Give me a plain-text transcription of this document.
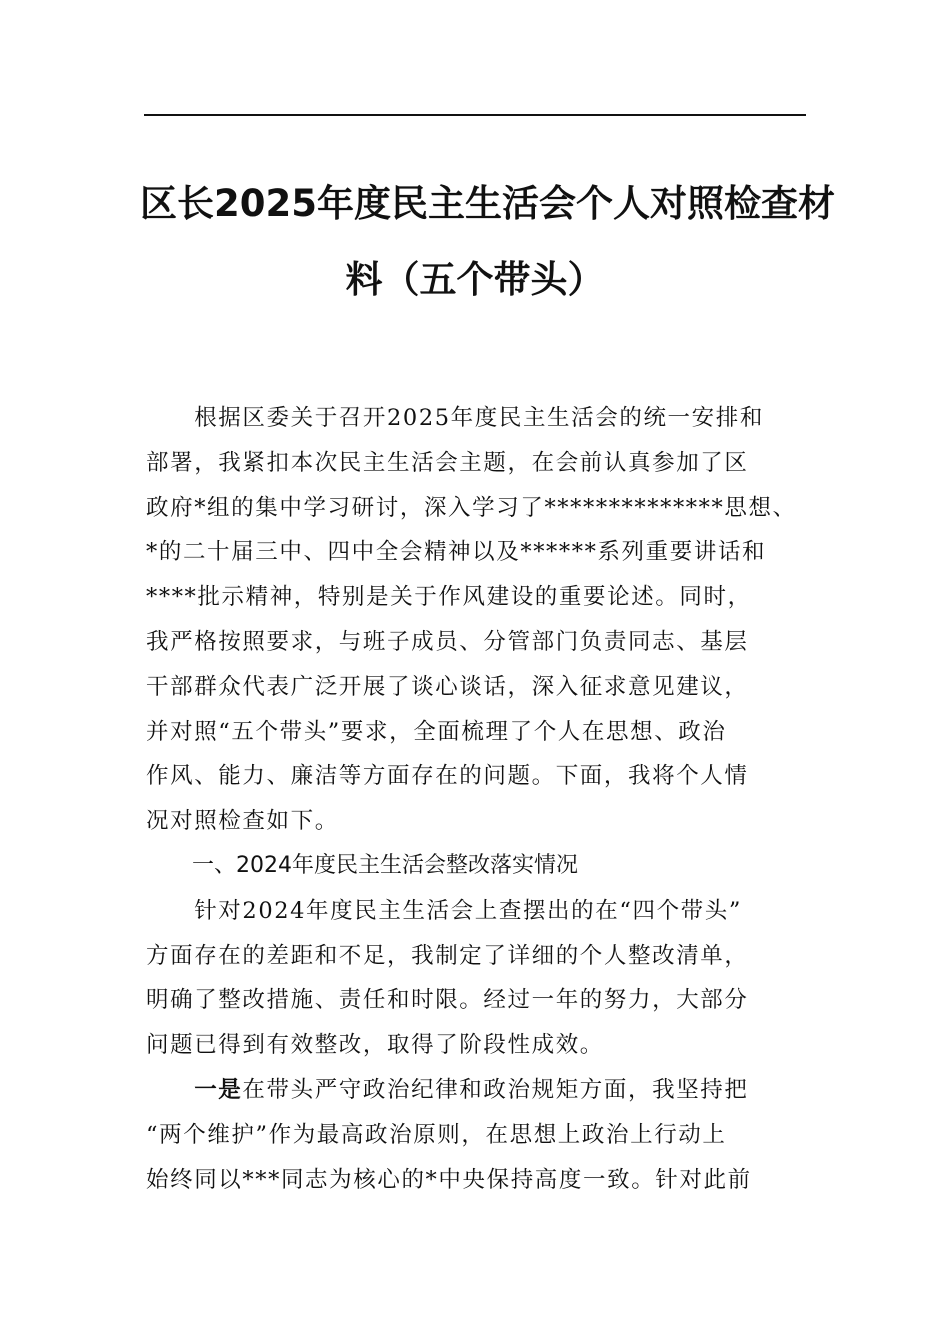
区长2025年度民主生活会个人对照检查材
料（五个带头）

　　根据区委关于召开2025年度民主生活会的统一安排和
部署，我紧扣本次民主生活会主题，在会前认真参加了区
政府*组的集中学习研讨，深入学习了**************思想、
*的二十届三中、四中全会精神以及******系列重要讲话和
****批示精神，特别是关于作风建设的重要论述。同时，
我严格按照要求，与班子成员、分管部门负责同志、基层
干部群众代表广泛开展了谈心谈话，深入征求意见建议，
并对照“五个带头”要求，全面梳理了个人在思想、政治
作风、能力、廉洁等方面存在的问题。下面，我将个人情
况对照检查如下。

一、2024年度民主生活会整改落实情况

　　针对2024年度民主生活会上查摆出的在“四个带头”
方面存在的差距和不足，我制定了详细的个人整改清单，
明确了整改措施、责任和时限。经过一年的努力，大部分
问题已得到有效整改，取得了阶段性成效。

　　一是在带头严守政治纪律和政治规矩方面，我坚持把
“两个维护”作为最高政治原则，在思想上政治上行动上
始终同以***同志为核心的*中央保持高度一致。针对此前
